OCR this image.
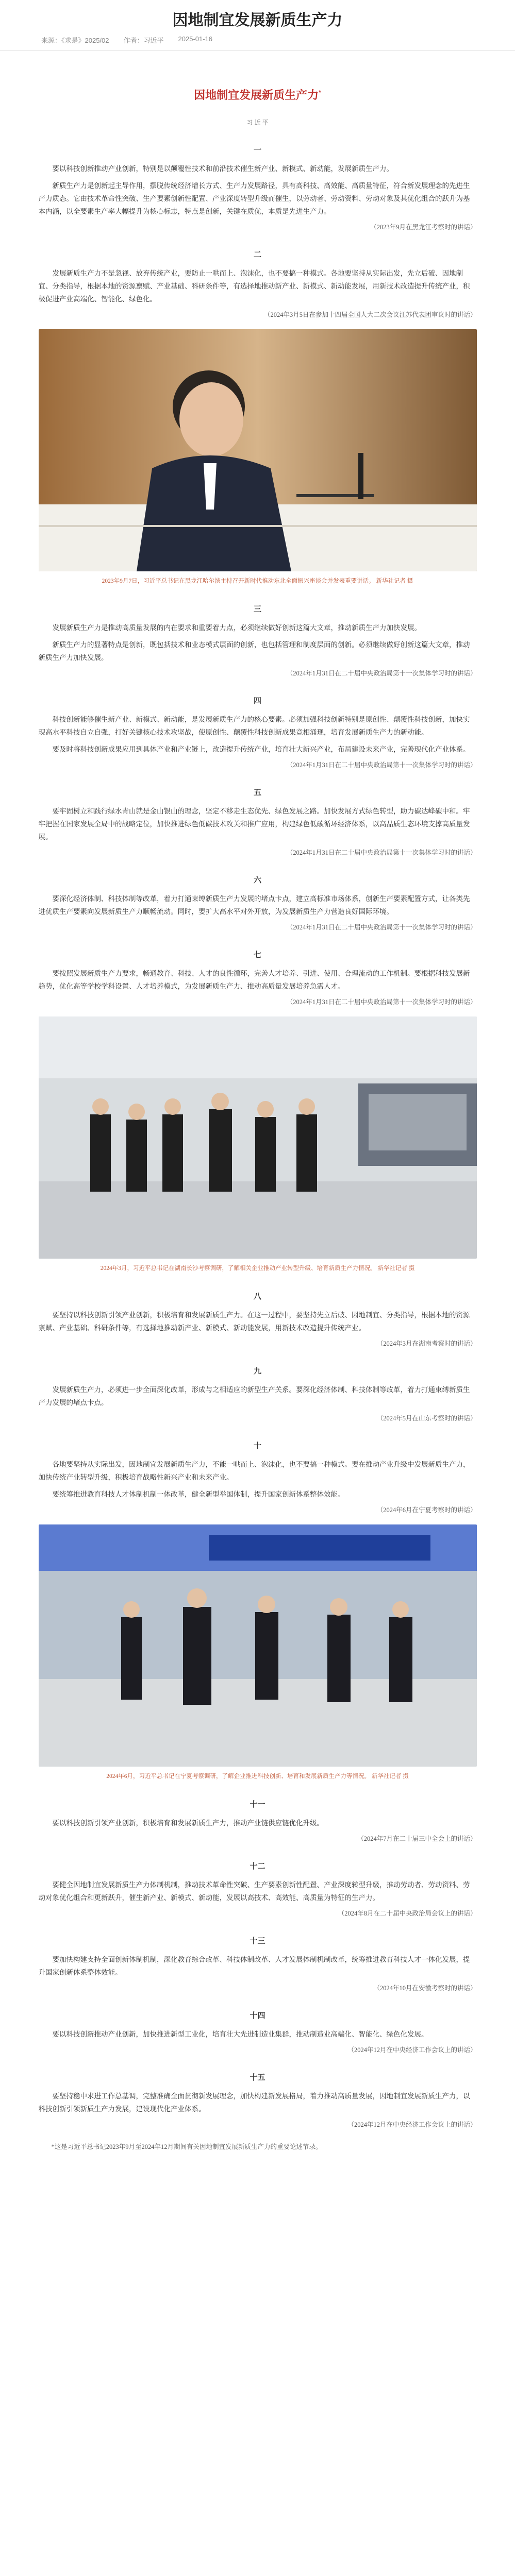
因地制宜发展新质生产力
来源：《求是》2025/02 作者：习近平 2025-01-16
因地制宜发展新质生产力*
习 近 平
一

要以科技创新推动产业创新，特别是以颠覆性技术和前沿技术催生新产业、新模式、新动能，发展新质生产力。

新质生产力是创新起主导作用，摆脱传统经济增长方式、生产力发展路径，具有高科技、高效能、高质量特征，符合新发展理念的先进生产力质态。它由技术革命性突破、生产要素创新性配置、产业深度转型升级而催生，以劳动者、劳动资料、劳动对象及其优化组合的跃升为基本内涵，以全要素生产率大幅提升为核心标志，特点是创新，关键在质优，本质是先进生产力。

（2023年9月在黑龙江考察时的讲话）

二

发展新质生产力不是忽视、放弃传统产业，要防止一哄而上、泡沫化，也不要搞一种模式。各地要坚持从实际出发，先立后破、因地制宜、分类指导，根据本地的资源禀赋、产业基础、科研条件等，有选择地推动新产业、新模式、新动能发展，用新技术改造提升传统产业，积极促进产业高端化、智能化、绿色化。

（2024年3月5日在参加十四届全国人大二次会议江苏代表团审议时的讲话）

2023年9月7日，习近平总书记在黑龙江哈尔滨主持召开新时代推动东北全面振兴座谈会并发表重要讲话。 新华社记者 摄
三

发展新质生产力是推动高质量发展的内在要求和重要着力点，必须继续做好创新这篇大文章，推动新质生产力加快发展。

新质生产力的显著特点是创新，既包括技术和业态模式层面的创新，也包括管理和制度层面的创新。必须继续做好创新这篇大文章，推动新质生产力加快发展。

（2024年1月31日在二十届中央政治局第十一次集体学习时的讲话）

四

科技创新能够催生新产业、新模式、新动能，是发展新质生产力的核心要素。必须加强科技创新特别是原创性、颠覆性科技创新，加快实现高水平科技自立自强，打好关键核心技术攻坚战，使原创性、颠覆性科技创新成果竞相涌现，培育发展新质生产力的新动能。

要及时将科技创新成果应用到具体产业和产业链上，改造提升传统产业，培育壮大新兴产业，布局建设未来产业，完善现代化产业体系。

（2024年1月31日在二十届中央政治局第十一次集体学习时的讲话）

五

要牢固树立和践行绿水青山就是金山银山的理念，坚定不移走生态优先、绿色发展之路。加快发展方式绿色转型，助力碳达峰碳中和。牢牢把握在国家发展全局中的战略定位，加快推进绿色低碳技术攻关和推广应用，构建绿色低碳循环经济体系，以高品质生态环境支撑高质量发展。

（2024年1月31日在二十届中央政治局第十一次集体学习时的讲话）

六

要深化经济体制、科技体制等改革，着力打通束缚新质生产力发展的堵点卡点，建立高标准市场体系，创新生产要素配置方式，让各类先进优质生产要素向发展新质生产力顺畅流动。同时，要扩大高水平对外开放，为发展新质生产力营造良好国际环境。

（2024年1月31日在二十届中央政治局第十一次集体学习时的讲话）

七

要按照发展新质生产力要求，畅通教育、科技、人才的良性循环，完善人才培养、引进、使用、合理流动的工作机制。要根据科技发展新趋势，优化高等学校学科设置、人才培养模式，为发展新质生产力、推动高质量发展培养急需人才。

（2024年1月31日在二十届中央政治局第十一次集体学习时的讲话）

2024年3月，习近平总书记在湖南长沙考察调研，了解相关企业推动产业转型升级、培育新质生产力情况。 新华社记者 摄
八

要坚持以科技创新引领产业创新，积极培育和发展新质生产力。在这一过程中，要坚持先立后破、因地制宜、分类指导，根据本地的资源禀赋、产业基础、科研条件等，有选择地推动新产业、新模式、新动能发展，用新技术改造提升传统产业。

（2024年3月在湖南考察时的讲话）

九

发展新质生产力，必须进一步全面深化改革，形成与之相适应的新型生产关系。要深化经济体制、科技体制等改革，着力打通束缚新质生产力发展的堵点卡点。

（2024年5月在山东考察时的讲话）

十

各地要坚持从实际出发，因地制宜发展新质生产力，不能一哄而上、泡沫化，也不要搞一种模式。要在推动产业升级中发展新质生产力，加快传统产业转型升级，积极培育战略性新兴产业和未来产业。

要统筹推进教育科技人才体制机制一体改革，健全新型举国体制，提升国家创新体系整体效能。

（2024年6月在宁夏考察时的讲话）

2024年6月，习近平总书记在宁夏考察调研，了解企业推进科技创新、培育和发展新质生产力等情况。 新华社记者 摄
十一

要以科技创新引领产业创新，积极培育和发展新质生产力，推动产业链供应链优化升级。

（2024年7月在二十届三中全会上的讲话）

十二

要健全因地制宜发展新质生产力体制机制，推动技术革命性突破、生产要素创新性配置、产业深度转型升级，推动劳动者、劳动资料、劳动对象优化组合和更新跃升，催生新产业、新模式、新动能，发展以高技术、高效能、高质量为特征的生产力。

（2024年8月在二十届中央政治局会议上的讲话）

十三

要加快构建支持全面创新体制机制，深化教育综合改革、科技体制改革、人才发展体制机制改革，统筹推进教育科技人才一体化发展，提升国家创新体系整体效能。

（2024年10月在安徽考察时的讲话）

十四

要以科技创新推动产业创新，加快推进新型工业化，培育壮大先进制造业集群，推动制造业高端化、智能化、绿色化发展。

（2024年12月在中央经济工作会议上的讲话）

十五

要坚持稳中求进工作总基调，完整准确全面贯彻新发展理念，加快构建新发展格局，着力推动高质量发展，因地制宜发展新质生产力，以科技创新引领新质生产力发展，建设现代化产业体系。

（2024年12月在中央经济工作会议上的讲话）

*这是习近平总书记2023年9月至2024年12月期间有关因地制宜发展新质生产力的重要论述节录。
